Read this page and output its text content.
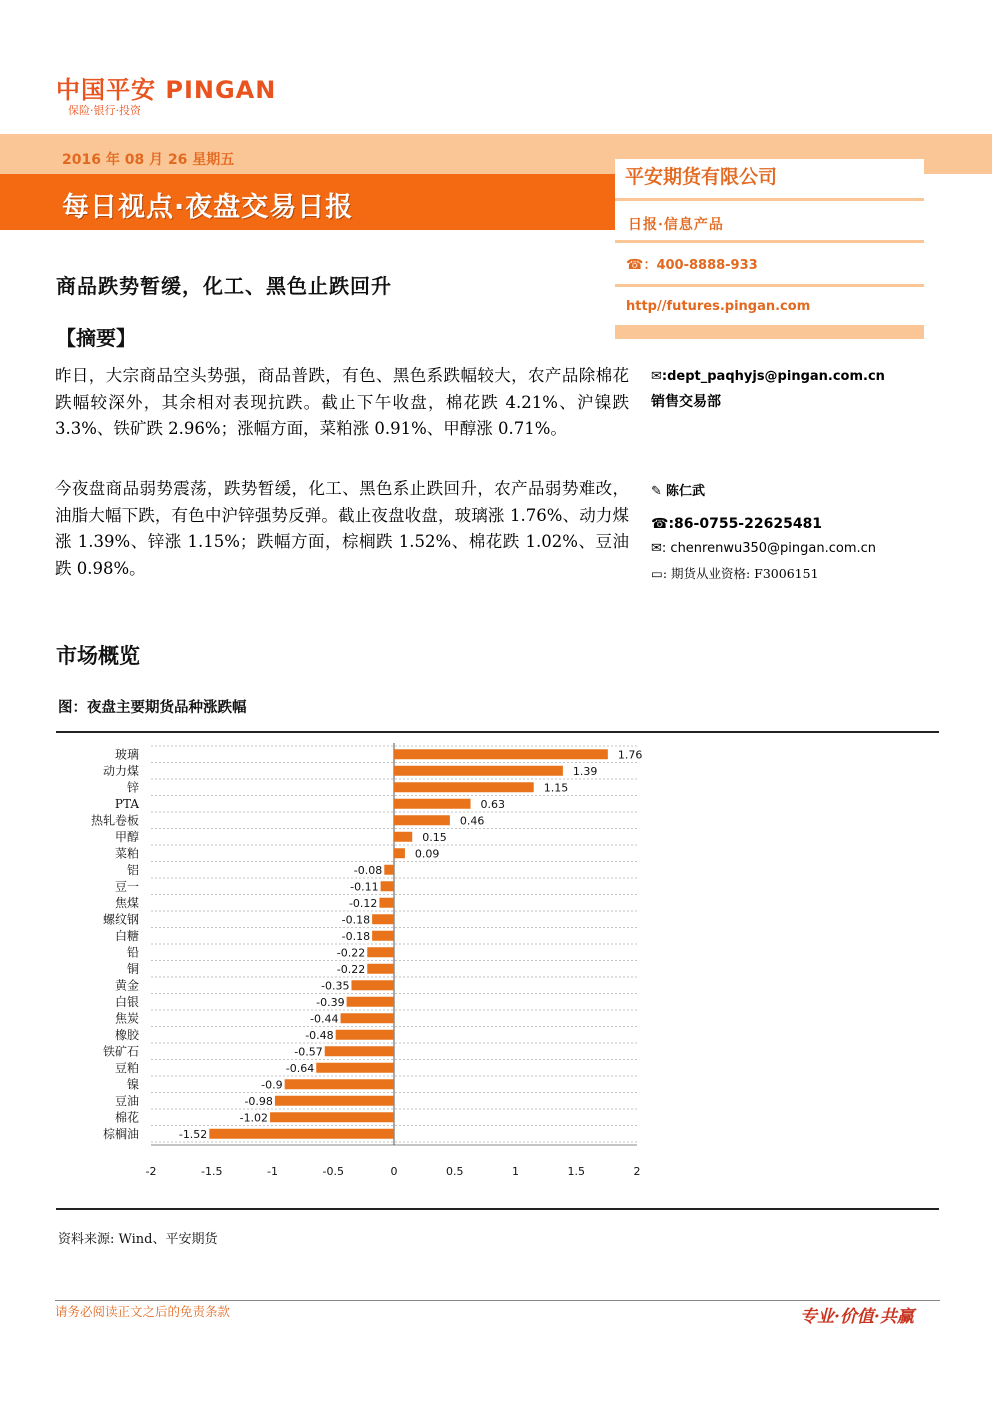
中国平安 PINGAN
保险·银行·投资
2016 年 08 月 26 星期五
每日视点·夜盘交易日报
平安期货有限公司
日报·信息产品
☎：400-8888-933
http//futures.pingan.com
商品跌势暂缓，化工、黑色止跌回升
【摘要】
昨日，大宗商品空头势强，商品普跌，有色、黑色系跌幅较大，农产品除棉花跌幅较深外，其余相对表现抗跌。截止下午收盘，棉花跌 4.21%、沪镍跌 3.3%、铁矿跌 2.96%；涨幅方面，菜粕涨 0.91%、甲醇涨 0.71%。
今夜盘商品弱势震荡，跌势暂缓，化工、黑色系止跌回升，农产品弱势难改，油脂大幅下跌，有色中沪锌强势反弹。截止夜盘收盘，玻璃涨 1.76%、动力煤涨 1.39%、锌涨 1.15%；跌幅方面，棕榈跌 1.52%、棉花跌 1.02%、豆油跌 0.98%。
✉:dept_paqhyjs@pingan.com.cn
销售交易部
✎ 陈仁武
☎:86-0755-22625481
✉: chenrenwu350@pingan.com.cn
▭: 期货从业资格: F3006151
市场概览
图：夜盘主要期货品种涨跌幅
玻璃	1.76
动力煤	1.39
锌	1.15
PTA	0.63
热轧卷板	0.46
甲醇	0.15
菜粕	0.09
铝	-0.08
豆一	-0.11
焦煤	-0.12
螺纹钢	-0.18
白糖	-0.18
铅	-0.22
铜	-0.22
黄金	-0.35
白银	-0.39
焦炭	-0.44
橡胶	-0.48
铁矿石	-0.57
豆粕	-0.64
镍	-0.9
豆油	-0.98
棉花	-1.02
棕榈油	-1.52
-2	-1.5	-1	-0.5	0	0.5	1	1.5	2
资料来源: Wind、平安期货
请务必阅读正文之后的免责条款	专业·价值·共赢
